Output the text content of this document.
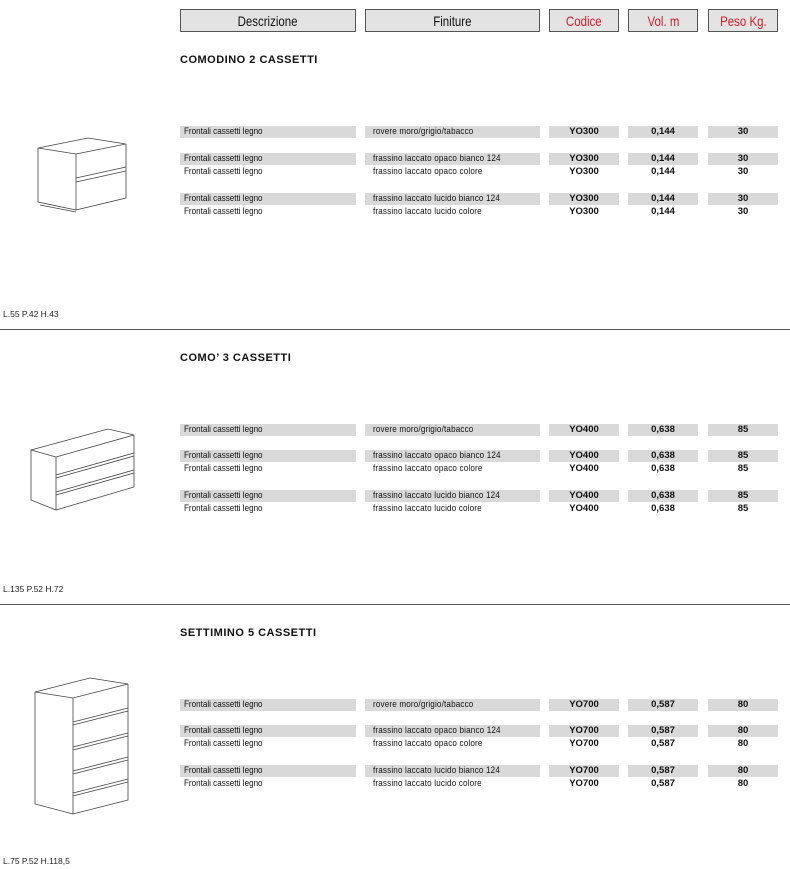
Descrizione	Finiture	Codice	Vol. m	Peso Kg.
COMODINO 2 CASSETTI
Frontali cassetti legno	rovere moro/grigio/tabacco	YO300	0,144	30
Frontali cassetti legno	frassino laccato opaco bianco 124	YO300	0,144	30
Frontali cassetti legno	frassino laccato opaco colore	YO300	0,144	30
Frontali cassetti legno	frassino laccato lucido bianco 124	YO300	0,144	30
Frontali cassetti legno	frassino laccato lucido colore	YO300	0,144	30
L.55 P.42 H.43
COMO’ 3 CASSETTI
Frontali cassetti legno	rovere moro/grigio/tabacco	YO400	0,638	85
Frontali cassetti legno	frassino laccato opaco bianco 124	YO400	0,638	85
Frontali cassetti legno	frassino laccato opaco colore	YO400	0,638	85
Frontali cassetti legno	frassino laccato lucido bianco 124	YO400	0,638	85
Frontali cassetti legno	frassino laccato lucido colore	YO400	0,638	85
L.135 P.52 H.72
SETTIMINO 5 CASSETTI
Frontali cassetti legno	rovere moro/grigio/tabacco	YO700	0,587	80
Frontali cassetti legno	frassino laccato opaco bianco 124	YO700	0,587	80
Frontali cassetti legno	frassino laccato opaco colore	YO700	0,587	80
Frontali cassetti legno	frassino laccato lucido bianco 124	YO700	0,587	80
Frontali cassetti legno	frassino laccato lucido colore	YO700	0,587	80
L.75 P.52 H.118,5
